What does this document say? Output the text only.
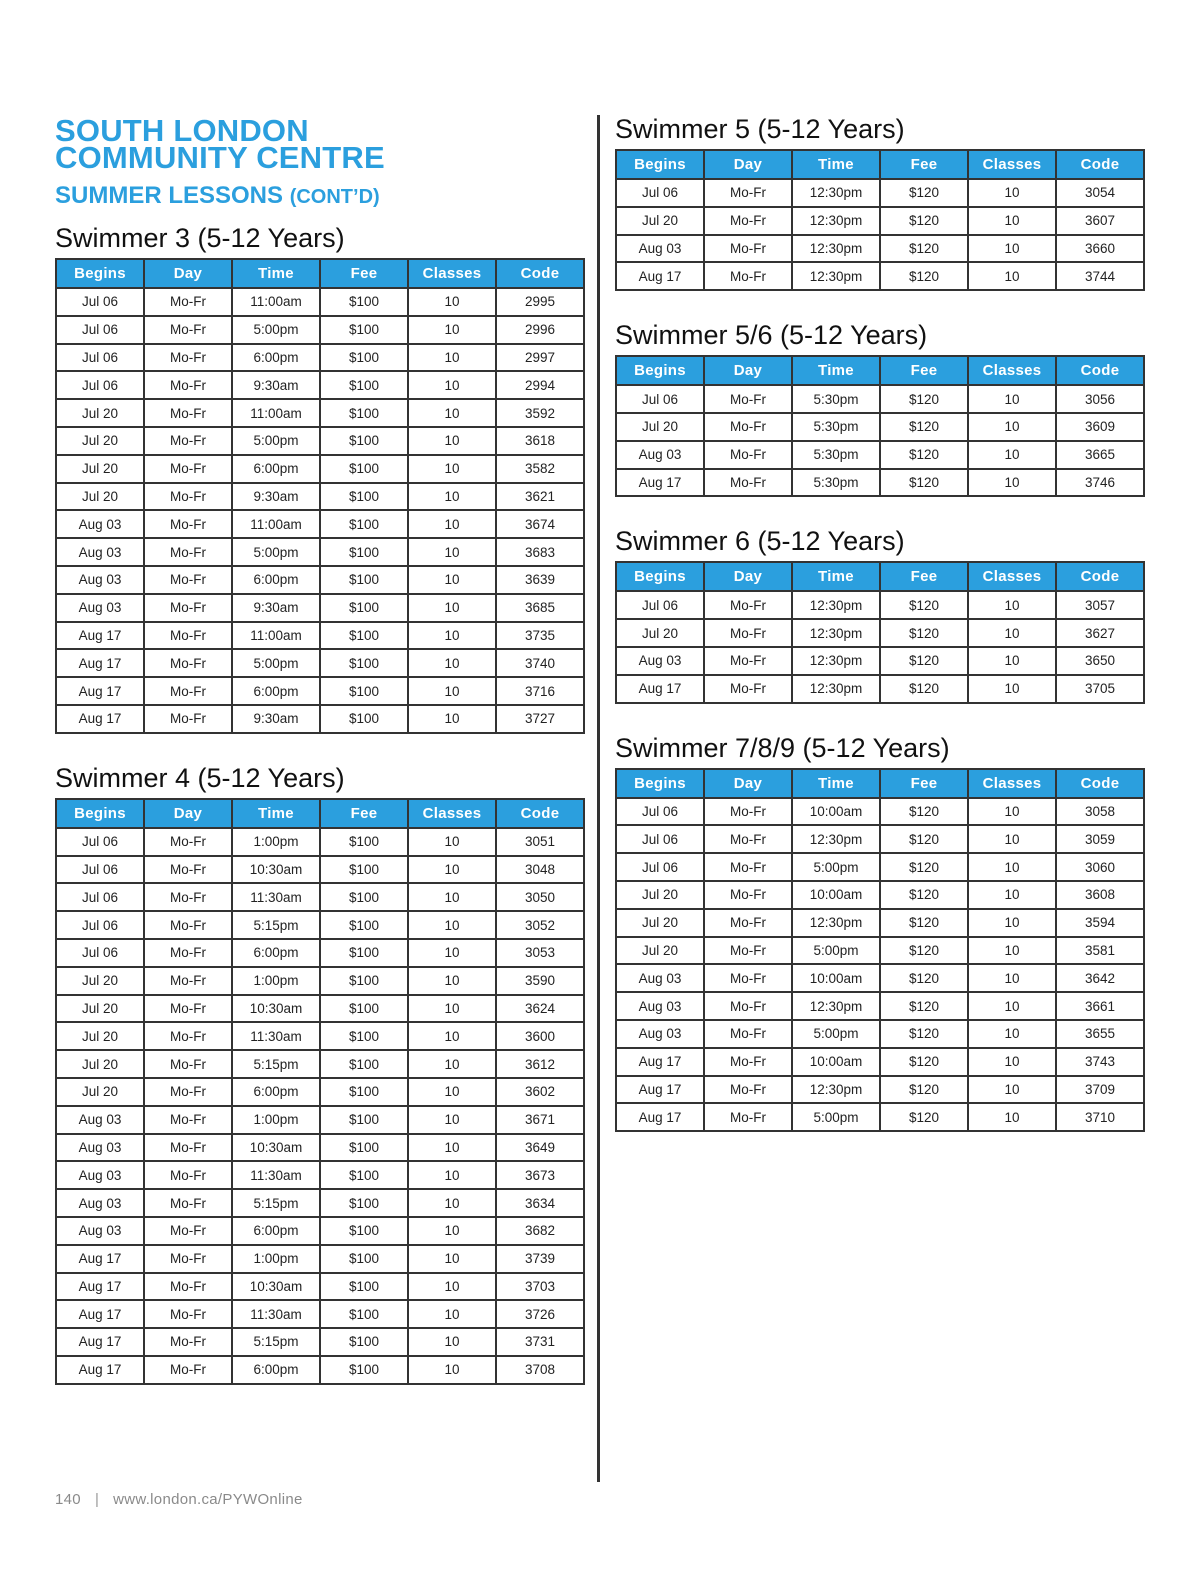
SOUTH LONDON
COMMUNITY CENTRE
SUMMER LESSONS (CONT’D)
Swimmer 3 (5-12 Years)
Begins	Day	Time	Fee	Classes	Code
Jul 06	Mo-Fr	11:00am	$100	10	2995
Jul 06	Mo-Fr	5:00pm	$100	10	2996
Jul 06	Mo-Fr	6:00pm	$100	10	2997
Jul 06	Mo-Fr	9:30am	$100	10	2994
Jul 20	Mo-Fr	11:00am	$100	10	3592
Jul 20	Mo-Fr	5:00pm	$100	10	3618
Jul 20	Mo-Fr	6:00pm	$100	10	3582
Jul 20	Mo-Fr	9:30am	$100	10	3621
Aug 03	Mo-Fr	11:00am	$100	10	3674
Aug 03	Mo-Fr	5:00pm	$100	10	3683
Aug 03	Mo-Fr	6:00pm	$100	10	3639
Aug 03	Mo-Fr	9:30am	$100	10	3685
Aug 17	Mo-Fr	11:00am	$100	10	3735
Aug 17	Mo-Fr	5:00pm	$100	10	3740
Aug 17	Mo-Fr	6:00pm	$100	10	3716
Aug 17	Mo-Fr	9:30am	$100	10	3727
Swimmer 4 (5-12 Years)
Begins	Day	Time	Fee	Classes	Code
Jul 06	Mo-Fr	1:00pm	$100	10	3051
Jul 06	Mo-Fr	10:30am	$100	10	3048
Jul 06	Mo-Fr	11:30am	$100	10	3050
Jul 06	Mo-Fr	5:15pm	$100	10	3052
Jul 06	Mo-Fr	6:00pm	$100	10	3053
Jul 20	Mo-Fr	1:00pm	$100	10	3590
Jul 20	Mo-Fr	10:30am	$100	10	3624
Jul 20	Mo-Fr	11:30am	$100	10	3600
Jul 20	Mo-Fr	5:15pm	$100	10	3612
Jul 20	Mo-Fr	6:00pm	$100	10	3602
Aug 03	Mo-Fr	1:00pm	$100	10	3671
Aug 03	Mo-Fr	10:30am	$100	10	3649
Aug 03	Mo-Fr	11:30am	$100	10	3673
Aug 03	Mo-Fr	5:15pm	$100	10	3634
Aug 03	Mo-Fr	6:00pm	$100	10	3682
Aug 17	Mo-Fr	1:00pm	$100	10	3739
Aug 17	Mo-Fr	10:30am	$100	10	3703
Aug 17	Mo-Fr	11:30am	$100	10	3726
Aug 17	Mo-Fr	5:15pm	$100	10	3731
Aug 17	Mo-Fr	6:00pm	$100	10	3708
Swimmer 5 (5-12 Years)
Begins	Day	Time	Fee	Classes	Code
Jul 06	Mo-Fr	12:30pm	$120	10	3054
Jul 20	Mo-Fr	12:30pm	$120	10	3607
Aug 03	Mo-Fr	12:30pm	$120	10	3660
Aug 17	Mo-Fr	12:30pm	$120	10	3744
Swimmer 5/6 (5-12 Years)
Begins	Day	Time	Fee	Classes	Code
Jul 06	Mo-Fr	5:30pm	$120	10	3056
Jul 20	Mo-Fr	5:30pm	$120	10	3609
Aug 03	Mo-Fr	5:30pm	$120	10	3665
Aug 17	Mo-Fr	5:30pm	$120	10	3746
Swimmer 6 (5-12 Years)
Begins	Day	Time	Fee	Classes	Code
Jul 06	Mo-Fr	12:30pm	$120	10	3057
Jul 20	Mo-Fr	12:30pm	$120	10	3627
Aug 03	Mo-Fr	12:30pm	$120	10	3650
Aug 17	Mo-Fr	12:30pm	$120	10	3705
Swimmer 7/8/9 (5-12 Years)
Begins	Day	Time	Fee	Classes	Code
Jul 06	Mo-Fr	10:00am	$120	10	3058
Jul 06	Mo-Fr	12:30pm	$120	10	3059
Jul 06	Mo-Fr	5:00pm	$120	10	3060
Jul 20	Mo-Fr	10:00am	$120	10	3608
Jul 20	Mo-Fr	12:30pm	$120	10	3594
Jul 20	Mo-Fr	5:00pm	$120	10	3581
Aug 03	Mo-Fr	10:00am	$120	10	3642
Aug 03	Mo-Fr	12:30pm	$120	10	3661
Aug 03	Mo-Fr	5:00pm	$120	10	3655
Aug 17	Mo-Fr	10:00am	$120	10	3743
Aug 17	Mo-Fr	12:30pm	$120	10	3709
Aug 17	Mo-Fr	5:00pm	$120	10	3710
140 | www.london.ca/PYWOnline
